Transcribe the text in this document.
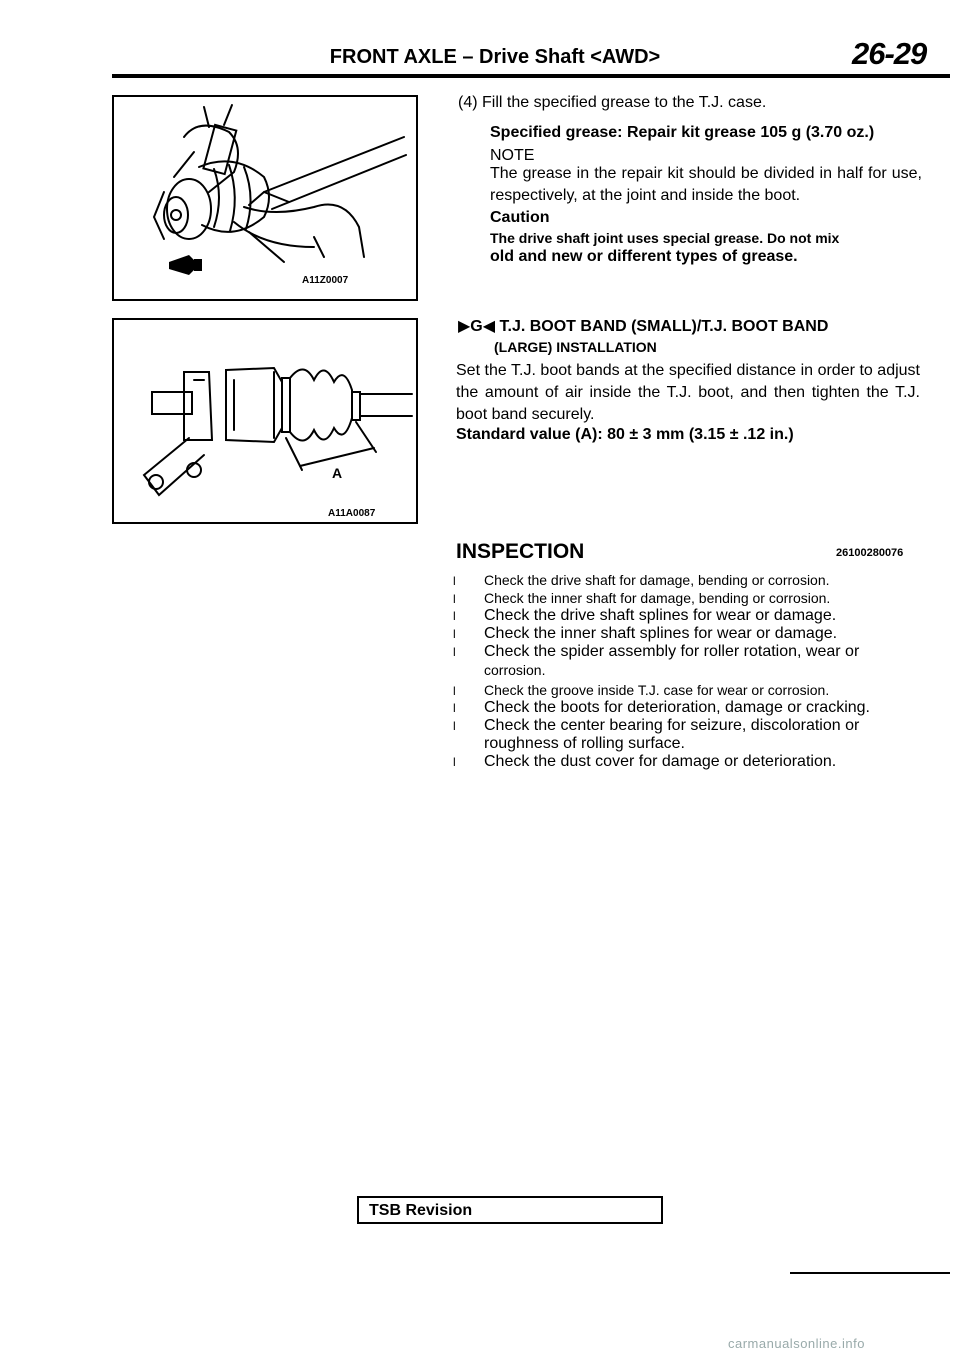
FRONT AXLE – Drive Shaft <AWD>	26-29
A11Z0007
A
A11A0087
(4) Fill the specified grease to the T.J. case.
Specified grease: Repair kit grease 105 g (3.70 oz.)
NOTE
The grease in the repair kit should be divided in half for use, respectively, at the joint and inside the boot.
Caution
The drive shaft joint uses special grease. Do not mix
old and new or different types of grease.
▶G◀ T.J. BOOT BAND (SMALL)/T.J. BOOT BAND
(LARGE) INSTALLATION
Set the T.J. boot bands at the specified distance in order to adjust the amount of air inside the T.J. boot, and then tighten the T.J. boot band securely.
Standard value (A): 80 ± 3 mm (3.15 ± .12 in.)
INSPECTION	26100280076
l Check the drive shaft for damage, bending or corrosion.
l Check the inner shaft for damage, bending or corrosion.
l Check the drive shaft splines for wear or damage.
l Check the inner shaft splines for wear or damage.
l Check the spider assembly for roller rotation, wear or
corrosion.
l Check the groove inside T.J. case for wear or corrosion.
l Check the boots for deterioration, damage or cracking.
l Check the center bearing for seizure, discoloration or
roughness of rolling surface.
l Check the dust cover for damage or deterioration.
TSB Revision
carmanualsonline.info
